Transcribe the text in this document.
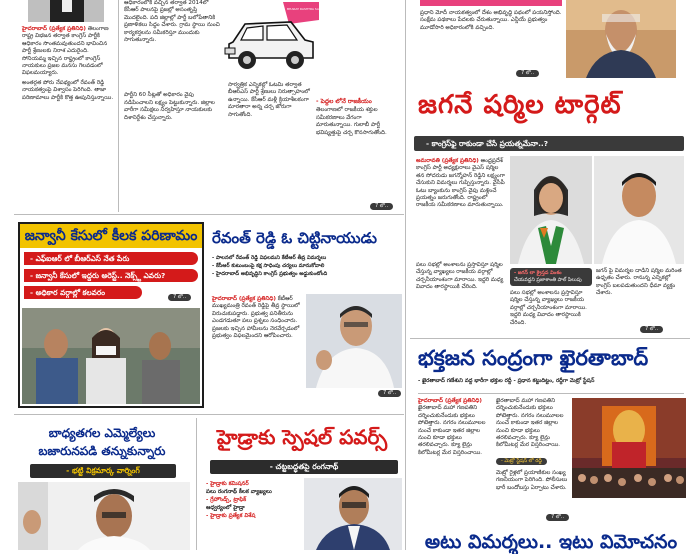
హైదరాబాద్ (ప్రత్యేక ప్రతినిధి) తెలంగాణ రాష్ట్ర విభజన తర్వాత కాంగ్రెస్ పార్టీకి ఆధికారం సొంతమవుతుందని భావించిన పార్టీ శ్రేణులకు నిరాశ ఎదురైంది. సోనియమ్మ ఇచ్చిన రాష్ట్రంలో కాంగ్రెస్ నాయకులు ప్రజల మనసు గెలవడంలో విఫలమయ్యారు.

అంతర్గత పోరు నేపథ్యంలో రేవంత్ రెడ్డి నాయకత్వంపై విశ్వాసం పెరిగింది. తాజా పరిణామాలు పార్టీకి కొత్త ఊపునిస్తున్నాయి.

ఆధికారంలోకి వచ్చిన తర్వాత 2014లో కేసీఆర్ పాలనపై ప్రజల్లో అసంతృప్తి మొదలైంది. పది జిల్లాల్లో పార్టీ బలోపేతానికి ప్రణాళికలు సిద్ధం చేశారు. గ్రామ స్థాయి నుంచి కార్యకర్తలను సమీకరిస్తూ ముందుకు సాగుతున్నారు.

పార్టీని 60 సీట్లతో అధికారం వైపు నడిపించాలని లక్ష్యం పెట్టుకున్నారు. జిల్లాల వారీగా సమీక్షలు నిర్వహిస్తూ నాయకులకు దిశానిర్దేశం చేస్తున్నారు.

BHARAT RASHTRA SAMITHI

సార్వత్రిక ఎన్నికల్లో ఓటమి తర్వాత బీఆర్ఎస్ పార్టీ శ్రేణులు నిరుత్సాహంలో ఉన్నాయి. కేసీఆర్ మళ్లీ క్రియాశీలకంగా మారతారా అన్న చర్చ జోరుగా సాగుతోంది.

- పెద్దల లోనే రాజకీయం

తెలంగాణలో రాజకీయ శక్తుల సమీకరణాలు వేగంగా మారుతున్నాయి. గులాబీ పార్టీ భవిష్యత్తుపై చర్చ కొనసాగుతోంది.

7 లో..

ప్రధాని మోదీ నాయకత్వంలో దేశం అభివృద్ధి పథంలో పయనిస్తోంది. సంక్షేమ పథకాలు పేదలకు చేరుతున్నాయి. ఎన్డీయే ప్రభుత్వం మూడోసారి అధికారంలోకి వచ్చింది.

7 లో..
జగనే షర్మిల టార్గెట్
- కాంగ్రెస్‌ఫై రాకుండా చేసే ప్రయత్నమేనా..?

అమరావతి (ప్రత్యేక ప్రతినిధి) ఆంధ్రప్రదేశ్ కాంగ్రెస్ పార్టీ అధ్యక్షురాలు వైఎస్ షర్మిల తన సోదరుడు జగన్మోహన్ రెడ్డిని లక్ష్యంగా చేసుకుని విమర్శలు గుప్పిస్తున్నారు. వైసీపీ ఓటు బ్యాంకును కాంగ్రెస్ వైపు మళ్లించే ప్రయత్నం జరుగుతోంది. రాష్ట్రంలో రాజకీయ సమీకరణాలు మారుతున్నాయి.

- జగన్ లా క్రైస్తవ వింశం
చేయవద్దని ప్రజాశాంతి పాల్ పిలుపు

పలు సభల్లో అంశాలను ప్రస్తావిస్తూ షర్మిల చేస్తున్న వ్యాఖ్యలు రాజకీయ వర్గాల్లో చర్చనీయాంశంగా మారాయి. ఇద్దరి మధ్య వివాదం తారస్థాయికి చేరింది.

పలు సభల్లో అంశాలను ప్రస్తావిస్తూ షర్మిల చేస్తున్న వ్యాఖ్యలు రాజకీయ వర్గాల్లో చర్చనీయాంశంగా మారాయి. ఇద్దరి మధ్య వివాదం తారస్థాయికి చేరింది.

జగన్ పై విమర్శల దాడిని షర్మిల మరింత ఉధృతం చేశారు. రానున్న ఎన్నికల్లో కాంగ్రెస్ బలపడుతుందని ధీమా వ్యక్తం చేశారు.

7 లో..
భక్తజన సంద్రంగా ఖైరతాబాద్
- ఖైరతాబాద్ గణేశుని వద్ద భారీగా భక్తుల రద్దీ - ప్రధాన కట్టుదిట్టం, రద్దీగా మెట్రో స్టేషన్

హైదరాబాద్ (ప్రత్యేక ప్రతినిధి) ఖైరతాబాద్ మహా గణపతిని దర్శించుకునేందుకు భక్తులు పోటెత్తారు. నగరం నలుమూలల నుంచే కాకుండా ఇతర జిల్లాల నుంచి కూడా భక్తులు తరలివచ్చారు. క్యూ లైన్లు కిలోమీటర్ల మేర విస్తరించాయి.

ఖైరతాబాద్ మహా గణపతిని దర్శించుకునేందుకు భక్తులు పోటెత్తారు. నగరం నలుమూలల నుంచే కాకుండా ఇతర జిల్లాల నుంచి కూడా భక్తులు తరలివచ్చారు. క్యూ లైన్లు కిలోమీటర్ల మేర విస్తరించాయి.

- మెట్రో స్టేషన్ లో రద్దీ

మెట్రో రైళ్లలో ప్రయాణికుల సంఖ్య గణనీయంగా పెరిగింది. పోలీసులు భారీ బందోబస్తు ఏర్పాటు చేశారు.

7 లో..
అటు విమర్శలు.. ఇటు విమోచనం
జన్వానీ కేసులో కీలక పరిణామం
- ఎఫ్ఐఆర్ లో బీఆర్ఎస్ నేత పేరు
- జన్వానీ కేసులో ఇద్దరు అరెస్ట్.. నెక్స్ట్ ఎవరు?
- అధికార వర్గాల్లో కలవరం	7 లో..
రేవంత్ రెడ్డి ఓ చిట్టినాయుడు
- పాలనలో రేవంత్ రెడ్డి విఫలమని కేటీఆర్ తీవ్ర విమర్శలు
- కేసీఆర్ కుటుంబంపై కక్ష సాధింపు చర్యలు మానుకోవాలి
- హైదరాబాద్ అభివృద్ధిని కాంగ్రెస్ ప్రభుత్వం అడ్డుకుంటోంది

హైదరాబాద్ (ప్రత్యేక ప్రతినిధి) కేటీఆర్ ముఖ్యమంత్రి రేవంత్ రెడ్డిపై తీవ్ర స్థాయిలో విరుచుకుపడ్డారు. ప్రభుత్వ పనితీరును ఎండగడుతూ పలు ప్రశ్నలు సంధించారు. ప్రజలకు ఇచ్చిన హామీలను నెరవేర్చడంలో ప్రభుత్వం విఫలమైందని ఆరోపించారు.

7 లో..
బాధ్యతగల ఎమ్మెల్యేలు
బజారునపడి తన్నుకున్నారు
- భట్టి విక్రమార్క వార్నింగ్
హైడ్రాకు స్పెషల్ పవర్స్
- చట్టబద్ధతపై రంగనాథ్
- హైడ్రాకు కమిషనర్
పలు రంగనాథ్ కీలక వ్యాఖ్యలు
- గ్రేహౌండ్స్, ట్రాఫిక్
ఆధ్వర్యంలో హైడ్రా
- హైడ్రాకు ప్రత్యేక విశేష
